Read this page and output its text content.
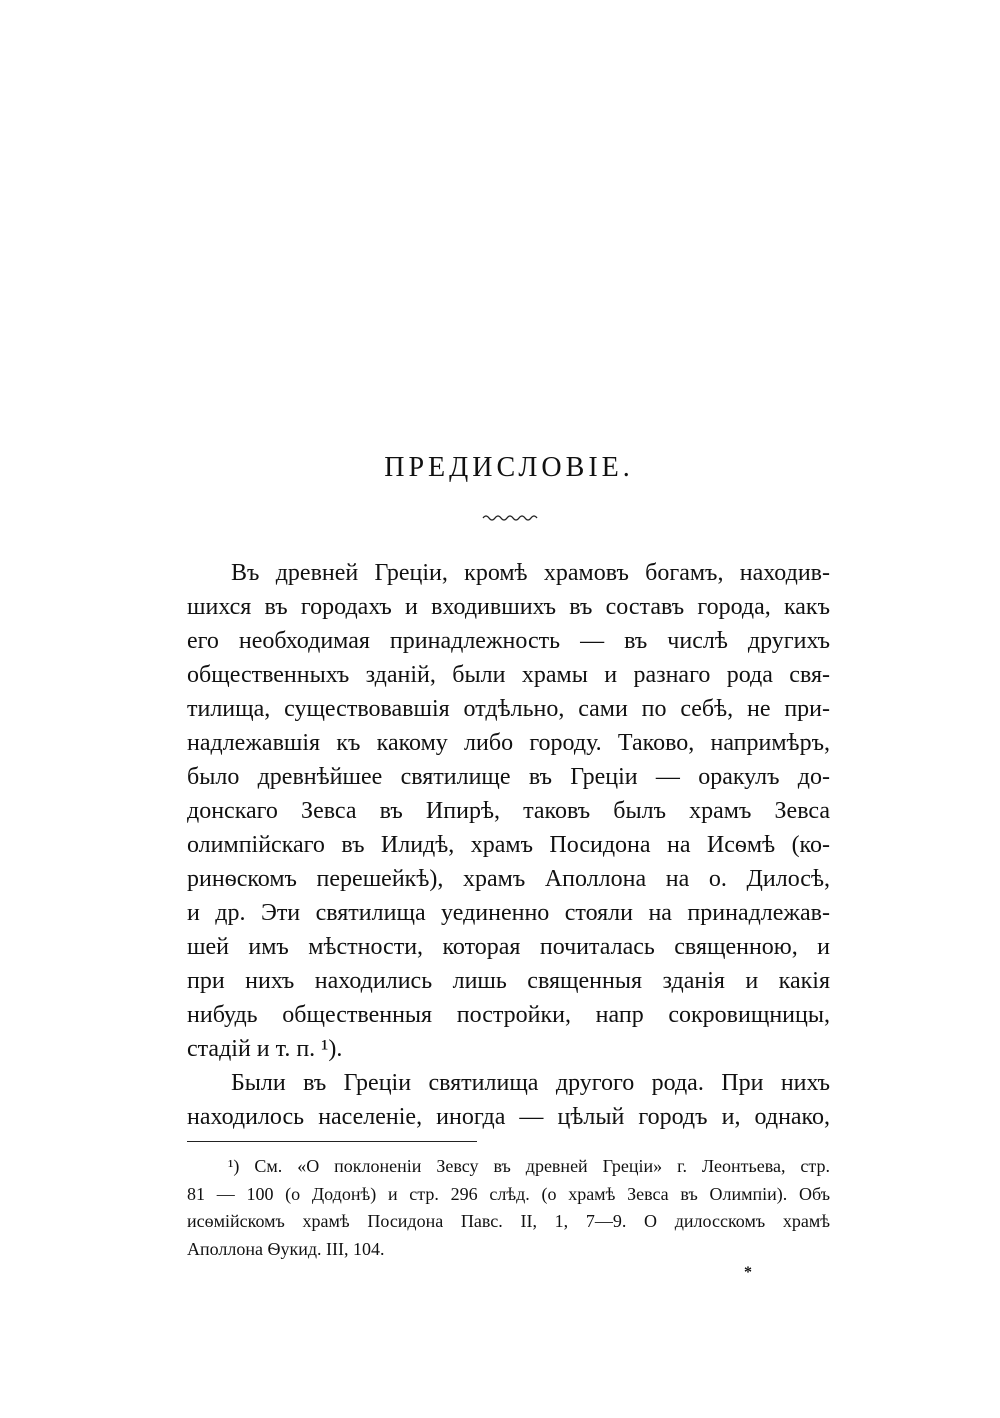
ПРЕДИСЛОВІЕ.
Въ древней Греціи, кромѣ храмовъ богамъ, находив-
шихся въ городахъ и входившихъ въ составъ города, какъ
его необходимая принадлежность — въ числѣ другихъ
общественныхъ зданій, были храмы и разнаго рода свя-
тилища, существовавшія отдѣльно, сами по себѣ, не при-
надлежавшія къ какому либо городу. Таково, напримѣръ,
было древнѣйшее святилище въ Греціи — оракулъ до-
донскаго Зевса въ Ипирѣ, таковъ былъ храмъ Зевса
олимпійскаго въ Илидѣ, храмъ Посидона на Исѳмѣ (ко-
ринѳскомъ перешейкѣ), храмъ Аполлона на о. Дилосѣ,
и др. Эти святилища уединенно стояли на принадлежав-
шей имъ мѣстности, которая почиталась священною, и
при нихъ находились лишь священныя зданія и какія
нибудь общественныя постройки, напр сокровищницы,
стадій и т. п. ¹).
Были въ Греціи святилища другого рода. При нихъ
находилось населеніе, иногда — цѣлый городъ и, однако,
¹) См. «О поклоненіи Зевсу въ древней Греціи» г. Леонтьева, стр.
81 — 100 (о Додонѣ) и стр. 296 слѣд. (о храмѣ Зевса въ Олимпіи). Объ
исѳмійскомъ храмѣ Посидона Павс. II, 1, 7—9. О дилосскомъ храмѣ
Аполлона Ѳукид. III, 104.
*
